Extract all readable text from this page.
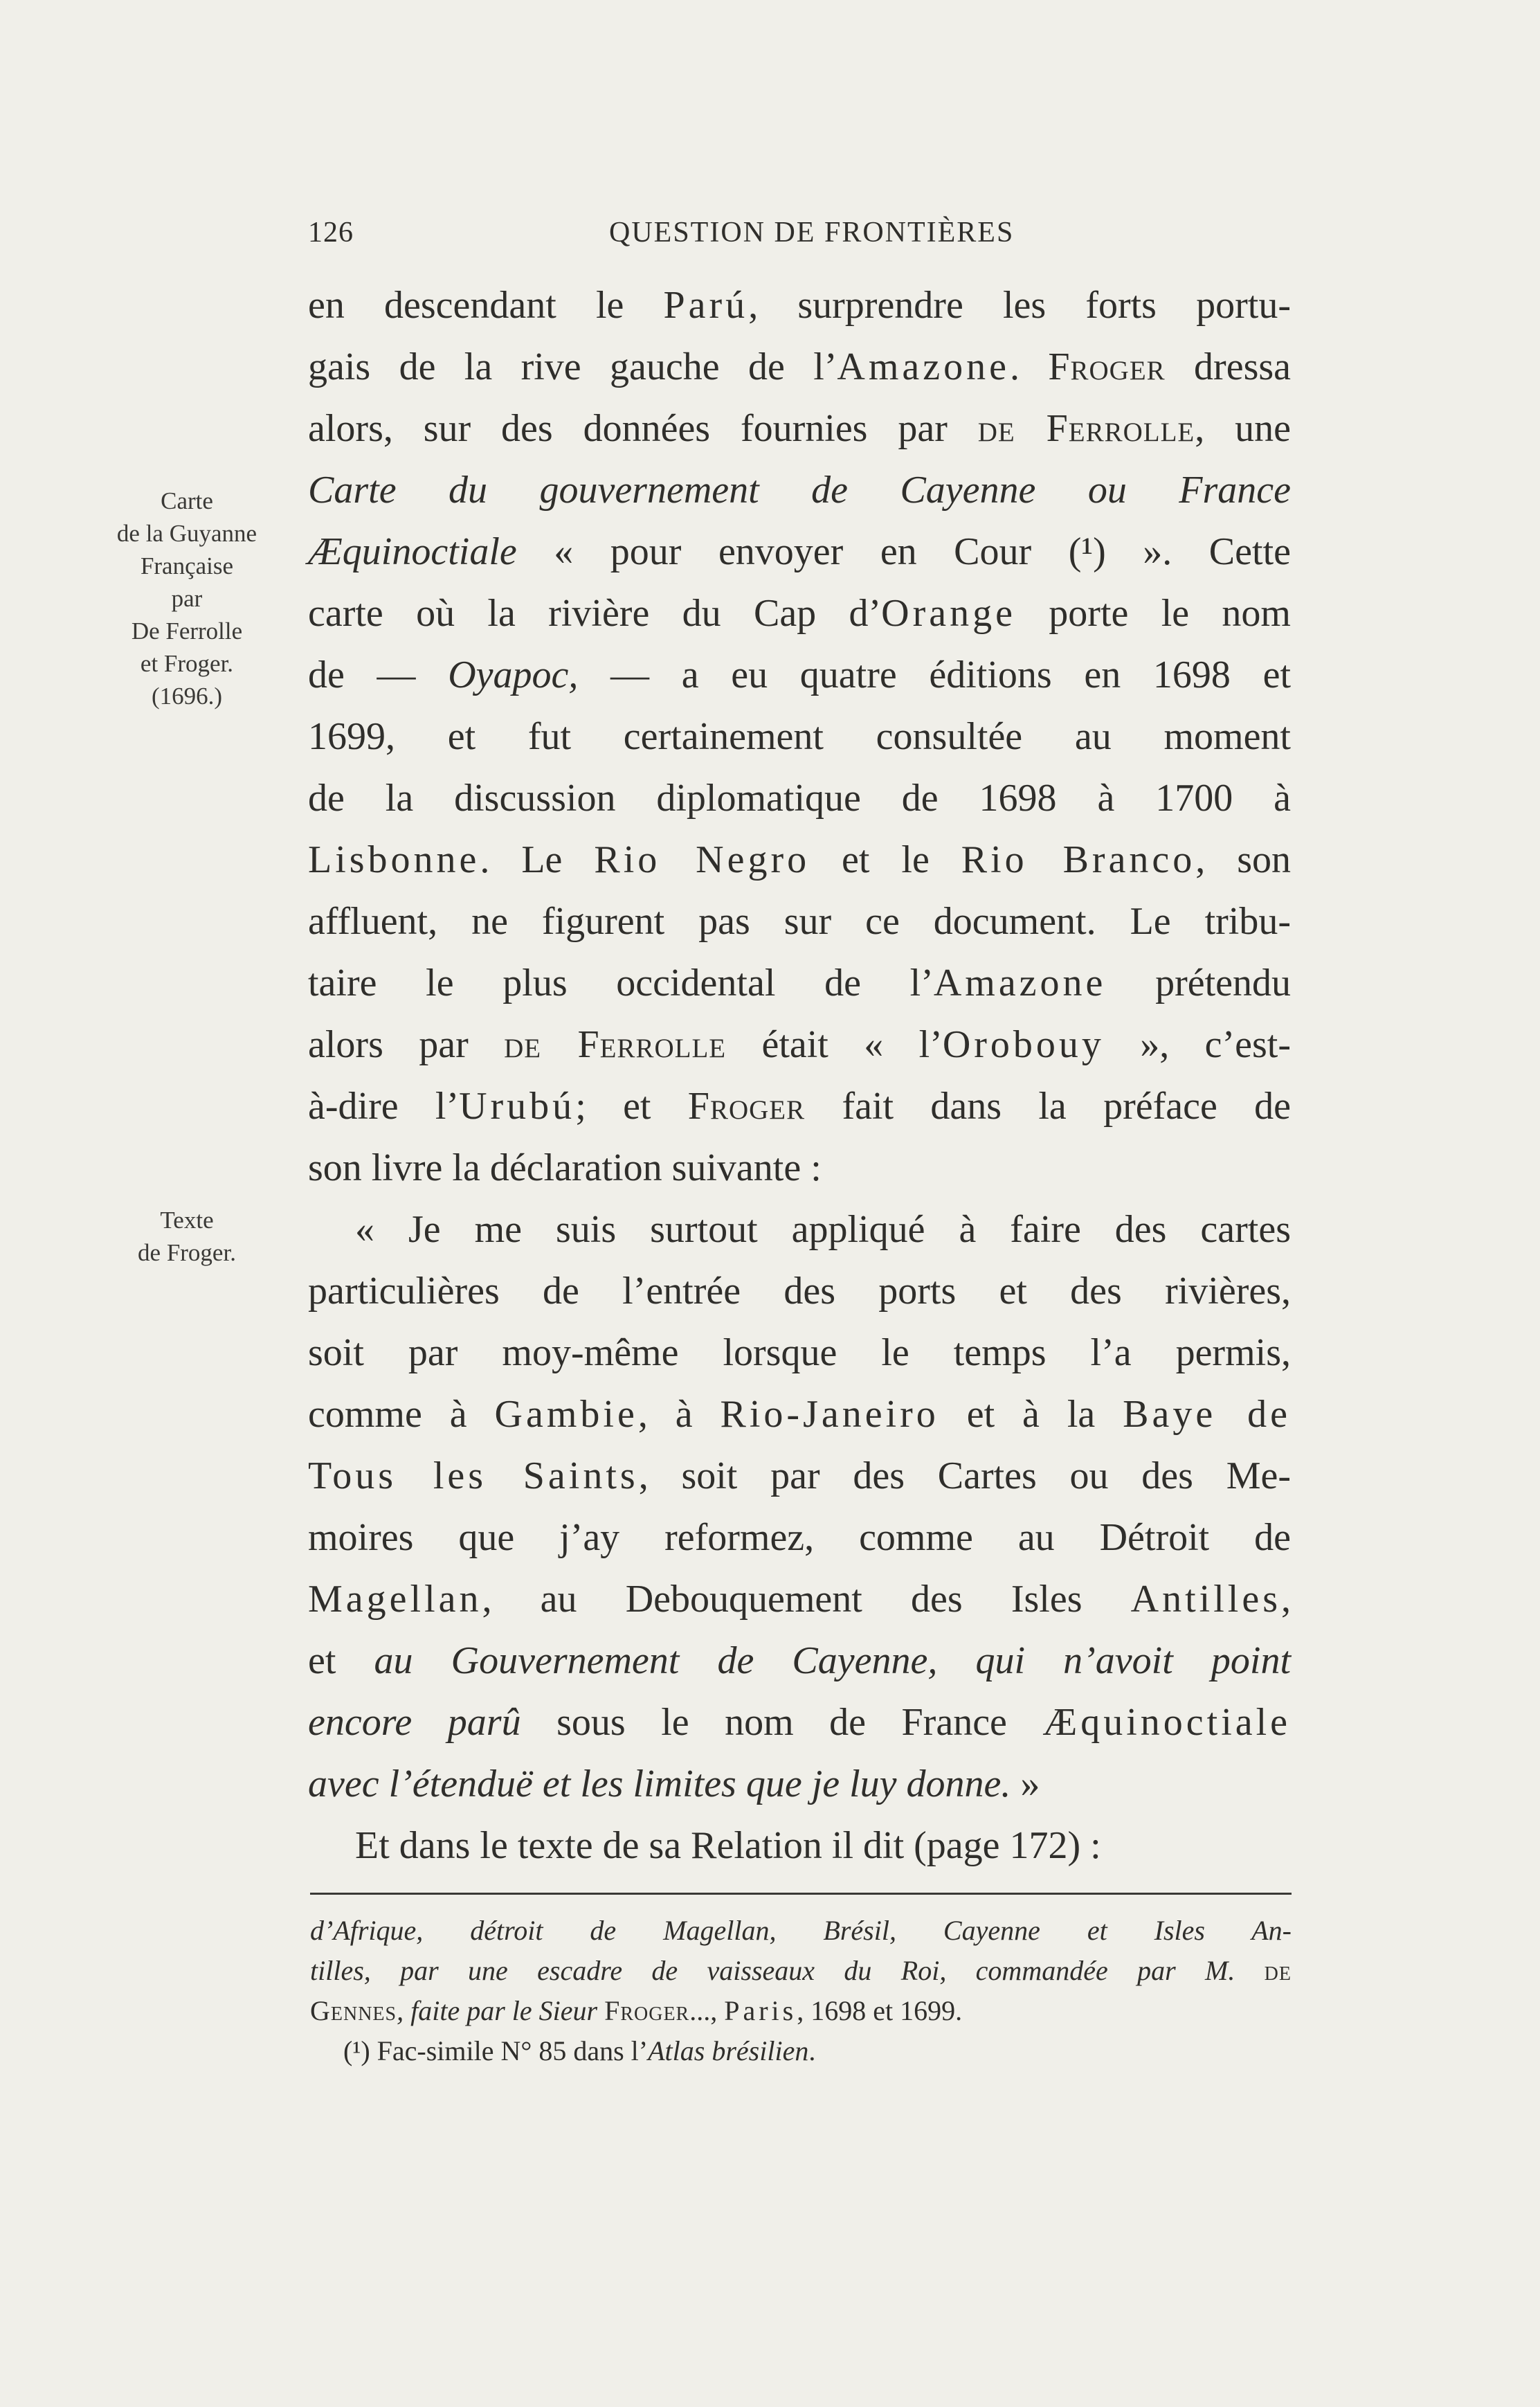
126	QUESTION DE FRONTIÈRES
Carte
de la Guyanne
Française
par
De Ferrolle
et Froger.
(1696.)
Texte
de Froger.
en descendant le Parú, surprendre les forts portu-
gais de la rive gauche de l’Amazone. Froger dressa
alors, sur des données fournies par de Ferrolle, une
Carte du gouvernement de Cayenne ou France
Æquinoctiale « pour envoyer en Cour (¹) ». Cette
carte où la rivière du Cap d’Orange porte le nom
de — Oyapoc, — a eu quatre éditions en 1698 et
1699, et fut certainement consultée au moment
de la discussion diplomatique de 1698 à 1700 à
Lisbonne. Le Rio Negro et le Rio Branco, son
affluent, ne figurent pas sur ce document. Le tribu-
taire le plus occidental de l’Amazone prétendu
alors par de Ferrolle était « l’Orobouy », c’est-
à-dire l’Urubú; et Froger fait dans la préface de
son livre la déclaration suivante :
« Je me suis surtout appliqué à faire des cartes
particulières de l’entrée des ports et des rivières,
soit par moy-même lorsque le temps l’a permis,
comme à Gambie, à Rio-Janeiro et à la Baye de
Tous les Saints, soit par des Cartes ou des Me-
moires que j’ay reformez, comme au Détroit de
Magellan, au Debouquement des Isles Antilles,
et au Gouvernement de Cayenne, qui n’avoit point
encore parû sous le nom de France Æquinoctiale
avec l’étenduë et les limites que je luy donne. »
Et dans le texte de sa Relation il dit (page 172) :
d’Afrique, détroit de Magellan, Brésil, Cayenne et Isles An-
tilles, par une escadre de vaisseaux du Roi, commandée par M. de
Gennes, faite par le Sieur Froger..., Paris, 1698 et 1699.
(¹) Fac-simile N° 85 dans l’Atlas brésilien.
